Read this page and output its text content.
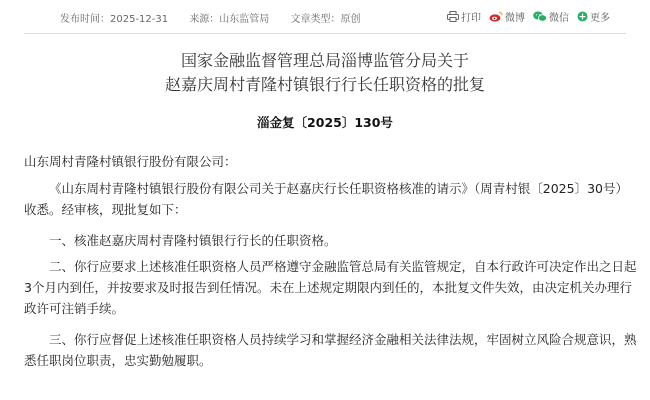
发布时间：2025-12-31 来源：山东监管局 文章类型：原创	打印 微博 微信 更多
国家金融监督管理总局淄博监管分局关于
赵嘉庆周村青隆村镇银行行长任职资格的批复
淄金复〔2025〕130号
山东周村青隆村镇银行股份有限公司：
《山东周村青隆村镇银行股份有限公司关于赵嘉庆行长任职资格核准的请示》（周青村银〔2025〕30号）收悉。经审核，现批复如下：
一、核准赵嘉庆周村青隆村镇银行行长的任职资格。
二、你行应要求上述核准任职资格人员严格遵守金融监管总局有关监管规定，自本行政许可决定作出之日起3个月内到任，并按要求及时报告到任情况。未在上述规定期限内到任的，本批复文件失效，由决定机关办理行政许可注销手续。
三、你行应督促上述核准任职资格人员持续学习和掌握经济金融相关法律法规，牢固树立风险合规意识，熟悉任职岗位职责，忠实勤勉履职。
